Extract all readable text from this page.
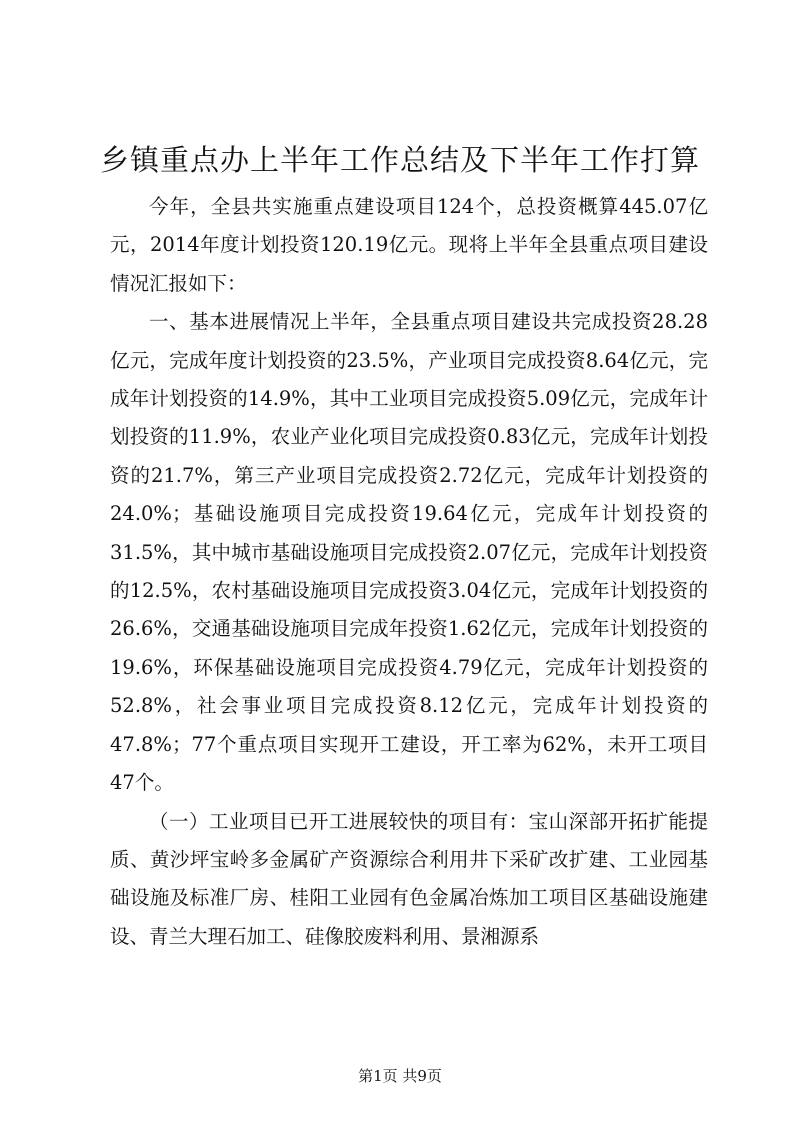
乡镇重点办上半年工作总结及下半年工作打算

今年，全县共实施重点建设项目124个，总投资概算445.07亿元，2014年度计划投资120.19亿元。现将上半年全县重点项目建设情况汇报如下：

一、基本进展情况上半年，全县重点项目建设共完成投资28.28亿元，完成年度计划投资的23.5%，产业项目完成投资8.64亿元，完成年计划投资的14.9%，其中工业项目完成投资5.09亿元，完成年计划投资的11.9%，农业产业化项目完成投资0.83亿元，完成年计划投资的21.7%，第三产业项目完成投资2.72亿元，完成年计划投资的24.0%；基础设施项目完成投资19.64亿元，完成年计划投资的31.5%，其中城市基础设施项目完成投资2.07亿元，完成年计划投资的12.5%，农村基础设施项目完成投资3.04亿元，完成年计划投资的26.6%，交通基础设施项目完成年投资1.62亿元，完成年计划投资的19.6%，环保基础设施项目完成投资4.79亿元，完成年计划投资的52.8%，社会事业项目完成投资8.12亿元，完成年计划投资的47.8%；77个重点项目实现开工建设，开工率为62%，未开工项目47个。

（一）工业项目已开工进展较快的项目有：宝山深部开拓扩能提质、黄沙坪宝岭多金属矿产资源综合利用井下采矿改扩建、工业园基础设施及标准厂房、桂阳工业园有色金属冶炼加工项目区基础设施建设、青兰大理石加工、硅像胶废料利用、景湘源系

第1页 共9页
